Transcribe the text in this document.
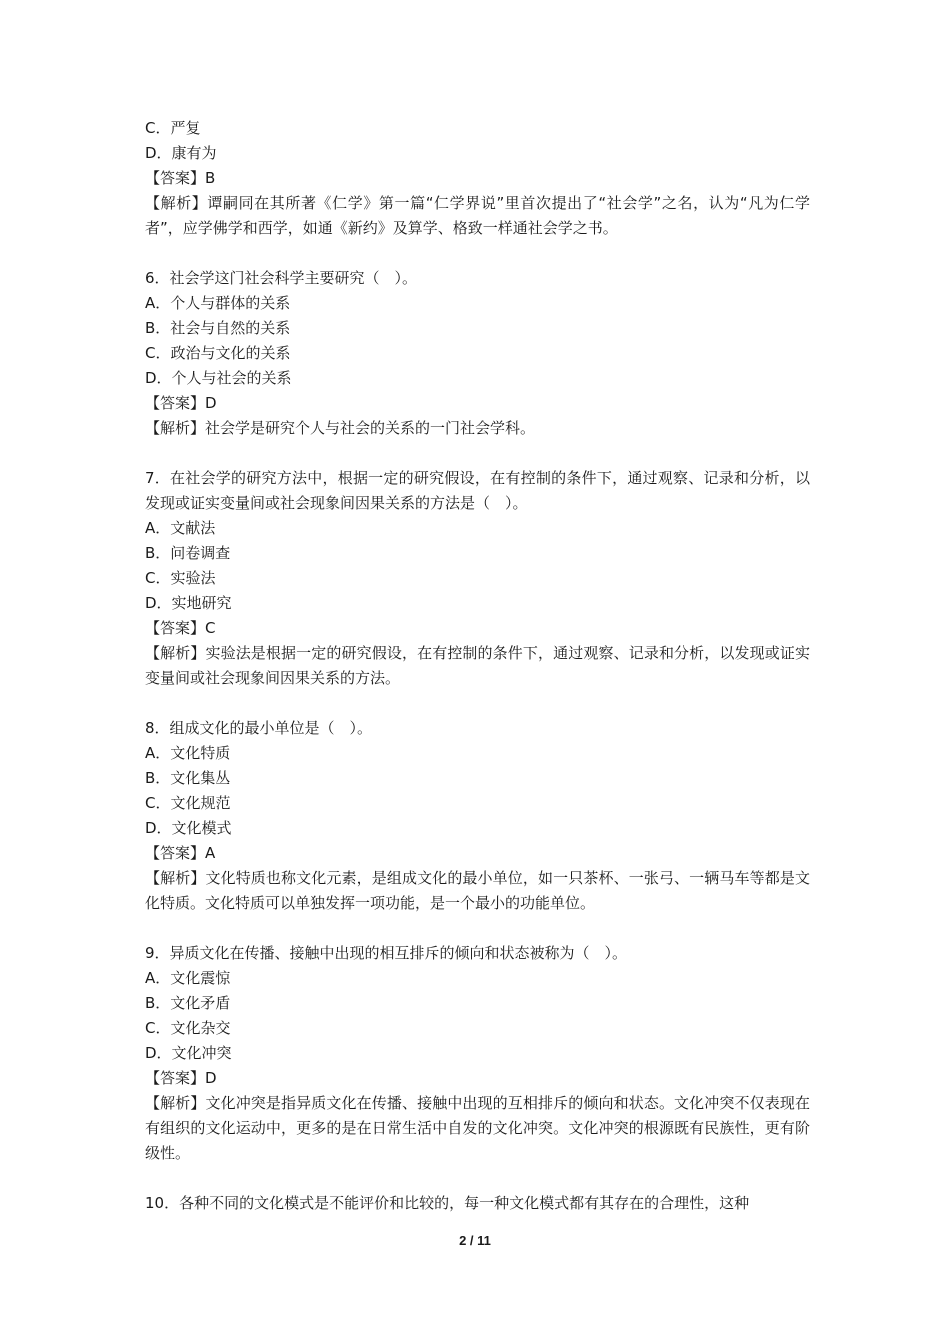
C．严复
D．康有为
【答案】B
【解析】谭嗣同在其所著《仁学》第一篇“仁学界说”里首次提出了“社会学”之名，认为“凡为仁学者”，应学佛学和西学，如通《新约》及算学、格致一样通社会学之书。
6．社会学这门社会科学主要研究（　）。
A．个人与群体的关系
B．社会与自然的关系
C．政治与文化的关系
D．个人与社会的关系
【答案】D
【解析】社会学是研究个人与社会的关系的一门社会学科。
7．在社会学的研究方法中，根据一定的研究假设，在有控制的条件下，通过观察、记录和分析，以发现或证实变量间或社会现象间因果关系的方法是（　）。
A．文献法
B．问卷调查
C．实验法
D．实地研究
【答案】C
【解析】实验法是根据一定的研究假设，在有控制的条件下，通过观察、记录和分析，以发现或证实变量间或社会现象间因果关系的方法。
8．组成文化的最小单位是（　）。
A．文化特质
B．文化集丛
C．文化规范
D．文化模式
【答案】A
【解析】文化特质也称文化元素，是组成文化的最小单位，如一只茶杯、一张弓、一辆马车等都是文化特质。文化特质可以单独发挥一项功能，是一个最小的功能单位。
9．异质文化在传播、接触中出现的相互排斥的倾向和状态被称为（　）。
A．文化震惊
B．文化矛盾
C．文化杂交
D．文化冲突
【答案】D
【解析】文化冲突是指异质文化在传播、接触中出现的互相排斥的倾向和状态。文化冲突不仅表现在有组织的文化运动中，更多的是在日常生活中自发的文化冲突。文化冲突的根源既有民族性，更有阶级性。
10．各种不同的文化模式是不能评价和比较的，每一种文化模式都有其存在的合理性，这种
2 / 11
